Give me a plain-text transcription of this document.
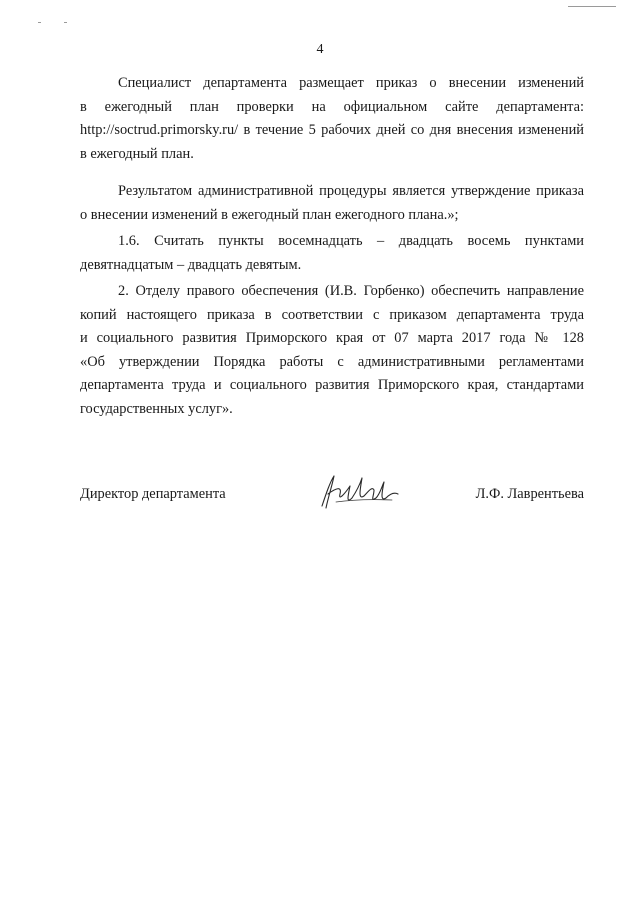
4

Специалист департамента размещает приказ о внесении изменений
в ежегодный план проверки на официальном сайте департамента:
http://soctrud.primorsky.ru/ в течение 5 рабочих дней со дня внесения изменений
в ежегодный план.

Результатом административной процедуры является утверждение приказа
о внесении изменений в ежегодный план ежегодного плана.»;

1.6. Считать пункты восемнадцать – двадцать восемь пунктами
девятнадцатым – двадцать девятым.

2. Отделу правого обеспечения (И.В. Горбенко) обеспечить направление
копий настоящего приказа в соответствии с приказом департамента труда
и социального развития Приморского края от 07 марта 2017 года № 128
«Об утверждении Порядка работы с административными регламентами
департамента труда и социального развития Приморского края, стандартами
государственных услуг».

Директор департамента	Л.Ф. Лаврентьева
